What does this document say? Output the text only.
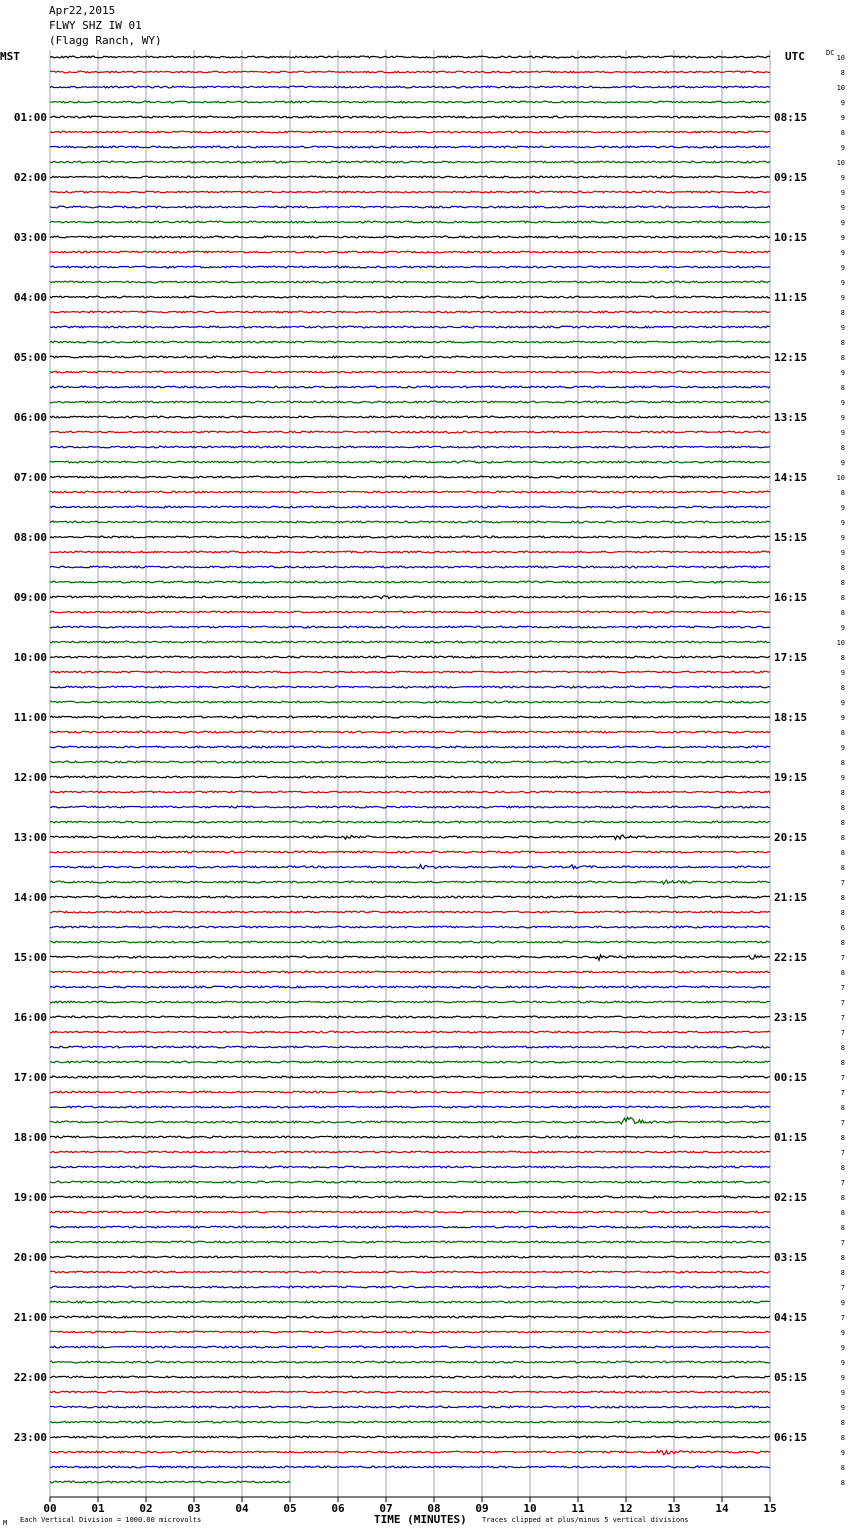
Apr22,2015
FLWY SHZ IW 01
(Flagg Ranch, WY)
MST	UTC	DC
00	01	02	03	04	05	06	07	08	09	10	11	12	13	14	15
01:00
02:00
03:00
04:00
05:00
06:00
07:00
08:00
09:00
10:00
11:00
12:00
13:00
14:00
15:00
16:00
17:00
18:00
19:00
20:00
21:00
22:00
23:00
08:15
09:15
10:15
11:15
12:15
13:15
14:15
15:15
16:15
17:15
18:15
19:15
20:15
21:15
22:15
23:15
00:15
01:15
02:15
03:15
04:15
05:15
06:15
10
8
10
9
9
8
9
10
9
9
9
9
9
9
9
9
9
8
9
8
8
9
8
9
9
9
8
9
10
8
9
9
9
9
8
8
8
8
9
10
8
9
8
9
9
8
9
8
9
8
8
8
8
8
8
7
8
8
6
8
7
8
7
7
7
7
8
8
7
7
8
7
8
7
8
7
8
8
8
7
8
8
7
9
7
9
9
9
9
9
9
8
8
9
8
8
M Each Vertical Division = 1000.00 microvolts	TIME (MINUTES) Traces clipped at plus/minus 5 vertical divisions
